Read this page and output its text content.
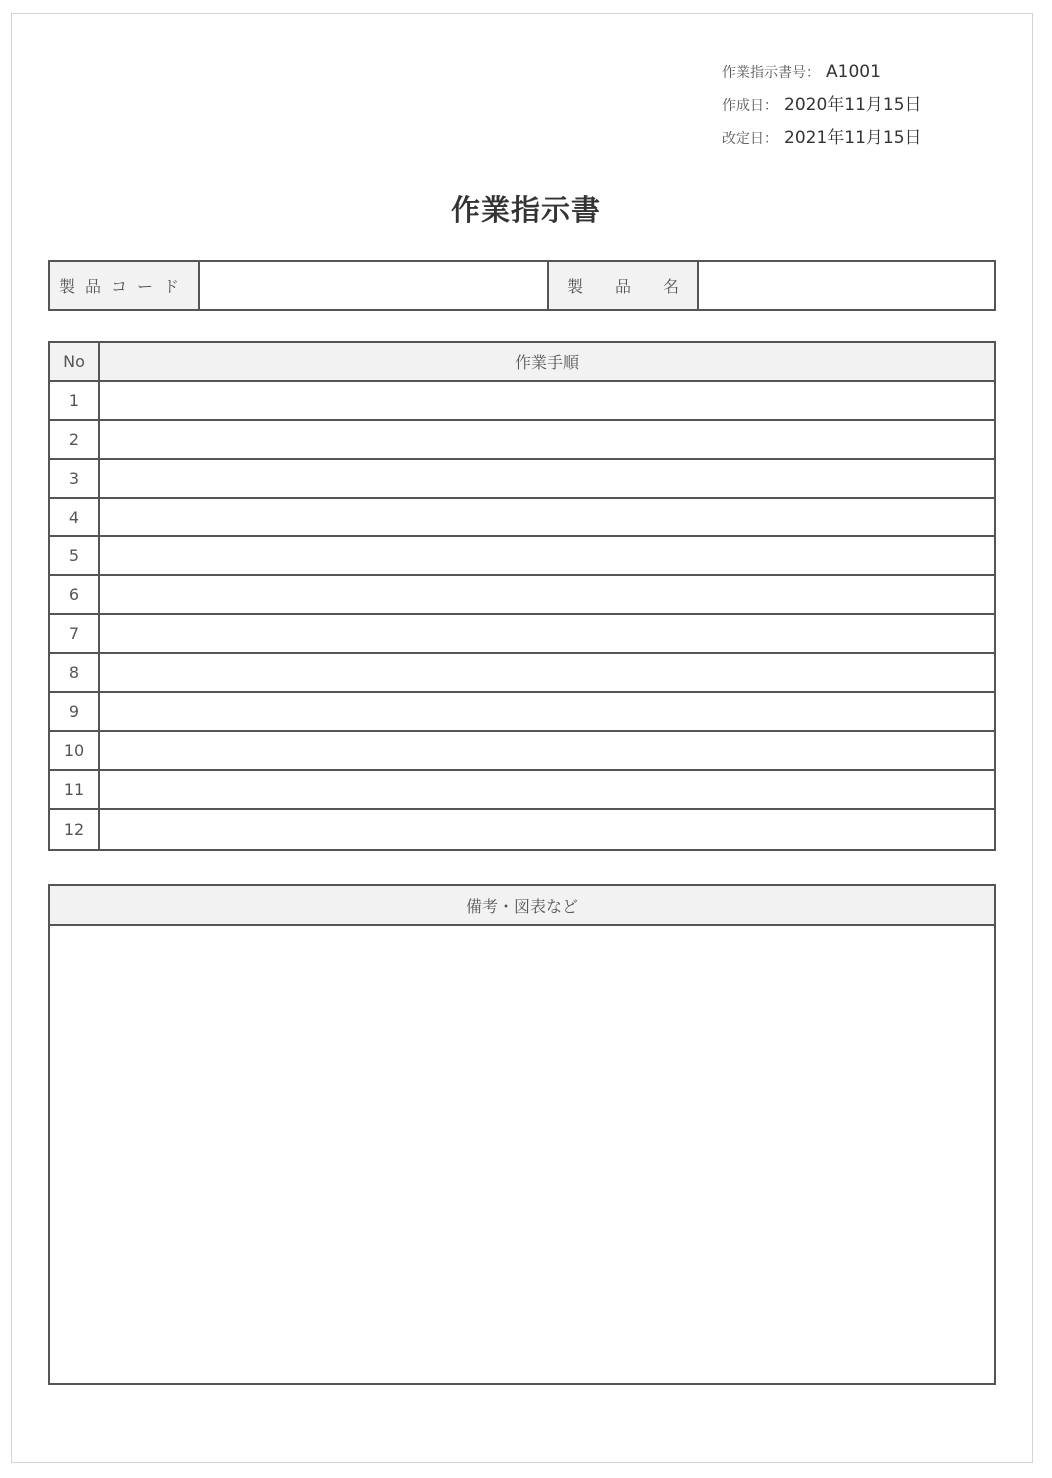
作業指示書号： A1001
作成日： 2020年11月15日
改定日： 2021年11月15日
作業指示書
製品コード	製品名
No	作業手順
1
2
3
4
5
6
7
8
9
10
11
12
備考・図表など
